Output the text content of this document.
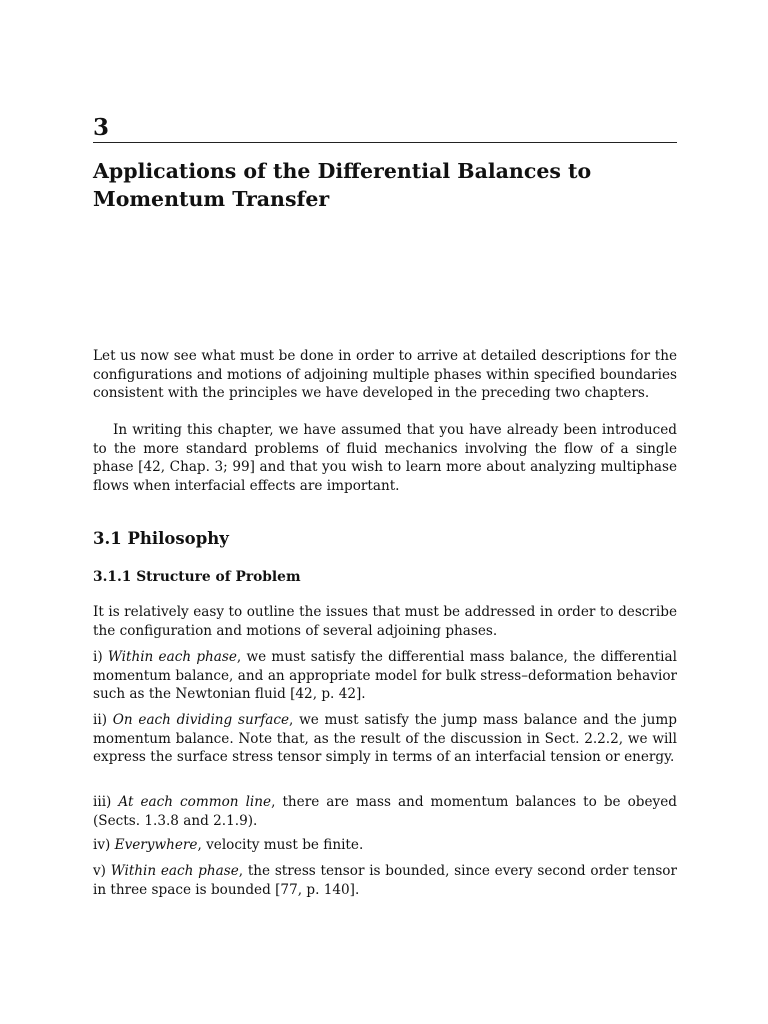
3
Applications of the Differential Balances to
Momentum Transfer

Let us now see what must be done in order to arrive at detailed descriptions for the configurations and motions of adjoining multiple phases within specified boundaries consistent with the principles we have developed in the preceding two chapters.

In writing this chapter, we have assumed that you have already been introduced to the more standard problems of fluid mechanics involving the flow of a single phase [42, Chap. 3; 99] and that you wish to learn more about analyzing multiphase flows when interfacial effects are important.

3.1 Philosophy
3.1.1 Structure of Problem

It is relatively easy to outline the issues that must be addressed in order to describe the configuration and motions of several adjoining phases.

i) Within each phase, we must satisfy the differential mass balance, the differential momentum balance, and an appropriate model for bulk stress–deformation behavior such as the Newtonian fluid [42, p. 42].

ii) On each dividing surface, we must satisfy the jump mass balance and the jump momentum balance. Note that, as the result of the discussion in Sect. 2.2.2, we will express the surface stress tensor simply in terms of an interfacial tension or energy.

iii) At each common line, there are mass and momentum balances to be obeyed (Sects. 1.3.8 and 2.1.9).

iv) Everywhere, velocity must be finite.

v) Within each phase, the stress tensor is bounded, since every second order tensor in three space is bounded [77, p. 140].
